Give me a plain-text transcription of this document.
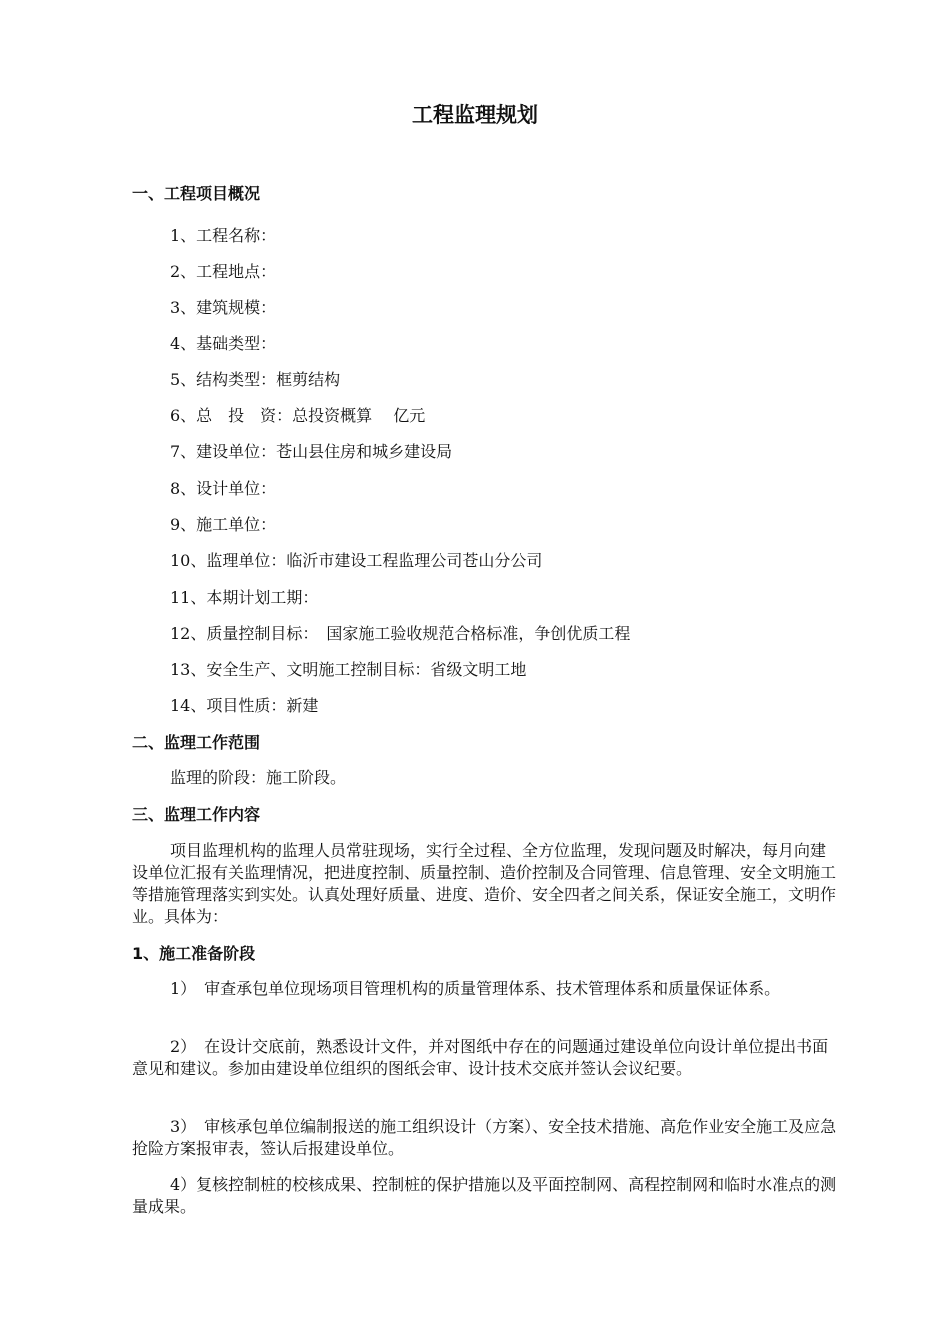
工程监理规划
一、工程项目概况
1、工程名称：
2、工程地点：
3、建筑规模：
4、基础类型：
5、结构类型：框剪结构
6、总　投　资：总投资概算　 亿元
7、建设单位：苍山县住房和城乡建设局
8、设计单位：
9、施工单位：
10、监理单位：临沂市建设工程监理公司苍山分公司
11、本期计划工期：
12、质量控制目标：　国家施工验收规范合格标准，争创优质工程
13、安全生产、文明施工控制目标：省级文明工地
14、项目性质：新建
二、监理工作范围
监理的阶段：施工阶段。
三、监理工作内容
项目监理机构的监理人员常驻现场，实行全过程、全方位监理，发现问题及时解决，每月向建设单位汇报有关监理情况，把进度控制、质量控制、造价控制及合同管理、信息管理、安全文明施工等措施管理落实到实处。认真处理好质量、进度、造价、安全四者之间关系，保证安全施工，文明作业。具体为：
1、施工准备阶段
1）　审查承包单位现场项目管理机构的质量管理体系、技术管理体系和质量保证体系。
2）　在设计交底前，熟悉设计文件，并对图纸中存在的问题通过建设单位向设计单位提出书面意见和建议。参加由建设单位组织的图纸会审、设计技术交底并签认会议纪要。
3）　审核承包单位编制报送的施工组织设计（方案）、安全技术措施、高危作业安全施工及应急抢险方案报审表，签认后报建设单位。
4）复核控制桩的校核成果、控制桩的保护措施以及平面控制网、高程控制网和临时水准点的测量成果。
